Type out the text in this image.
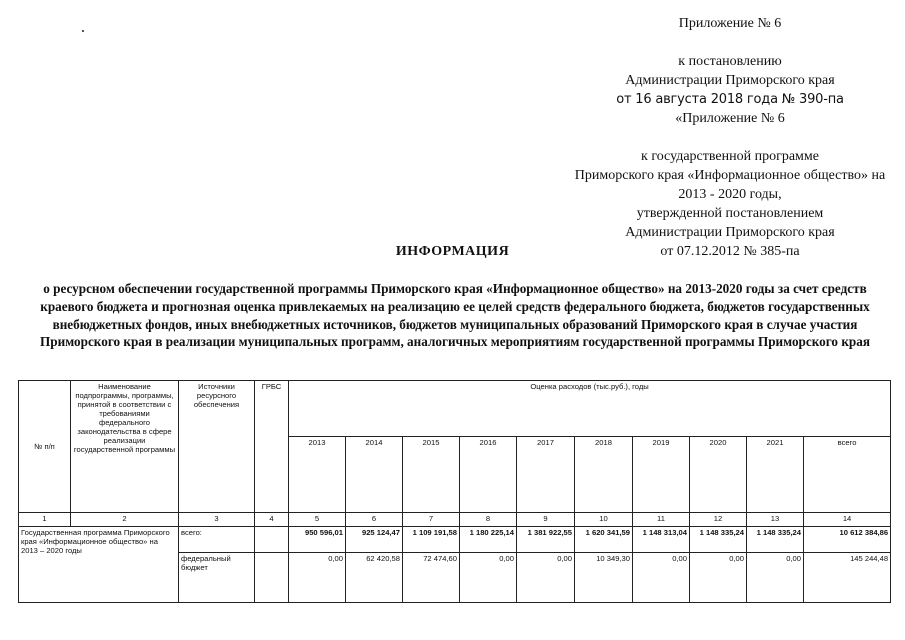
Приложение № 6

к постановлению
Администрации Приморского края
от 16 августа 2018 года № 390-па
«Приложение № 6

к государственной программе
Приморского края «Информационное общество» на
2013 - 2020 годы,
утвержденной постановлением
Администрации Приморского края
от 07.12.2012 № 385-па
ИНФОРМАЦИЯ
о ресурсном обеспечении государственной программы Приморского края «Информационное общество» на 2013-2020 годы за счет средств краевого бюджета и прогнозная оценка привлекаемых на реализацию ее целей средств федерального бюджета, бюджетов государственных внебюджетных фондов, иных внебюджетных источников, бюджетов муниципальных образований Приморского края в случае участия Приморского края в реализации муниципальных программ, аналогичных мероприятиям государственной программы Приморского края
№ п/п	Наименование подпрограммы, программы, принятой в соответствии с требованиями федерального законодательства в сфере реализации государственной программы	Источники ресурсного обеспечения	ГРБС	Оценка расходов (тыс.руб.), годы									
				2013	2014	2015	2016	2017	2018	2019	2020	2021	всего
1	2	3	4	5	6	7	8	9	10	11	12	13	14
Государственная программа Приморского края «Информационное общество» на 2013 – 2020 годы		всего:		950 596,01	925 124,47	1 109 191,58	1 180 225,14	1 381 922,55	1 620 341,59	1 148 313,04	1 148 335,24	1 148 335,24	10 612 384,86
		федеральный бюджет		0,00	62 420,58	72 474,60	0,00	0,00	10 349,30	0,00	0,00	0,00	145 244,48
